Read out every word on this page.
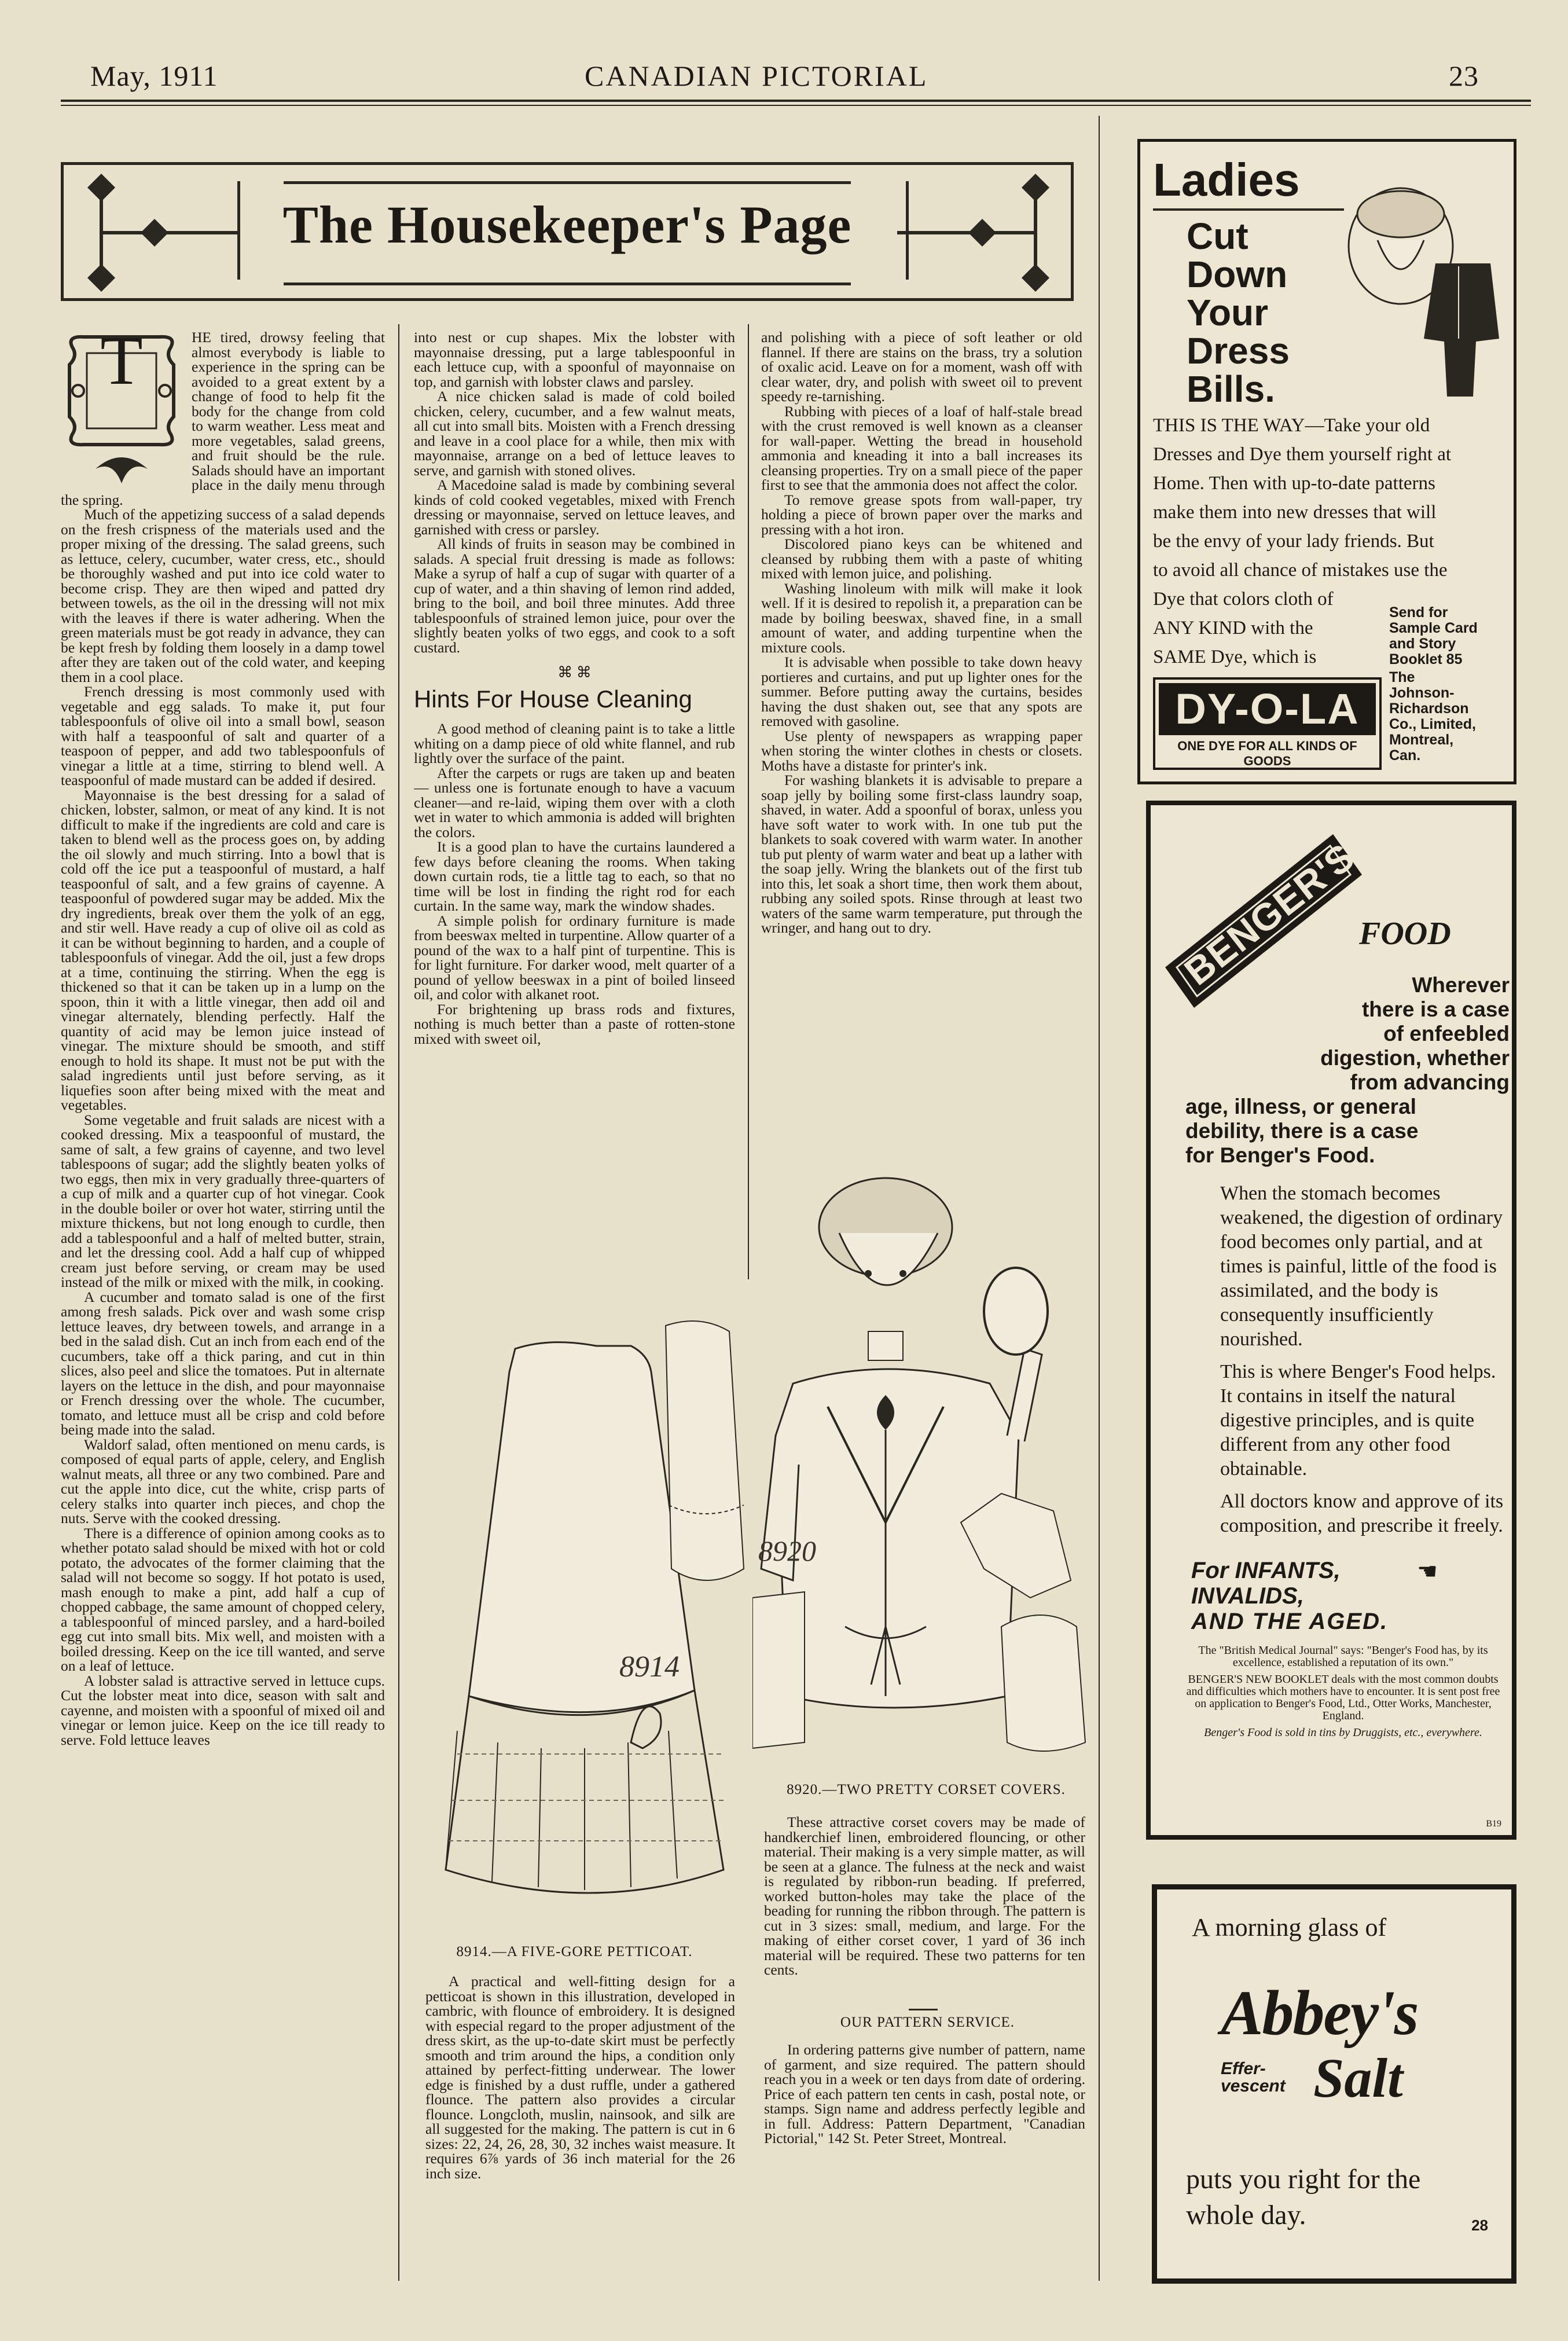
May, 1911	CANADIAN PICTORIAL	23
The Housekeeper's Page
T	HE tired, drowsy feeling that almost everybody is liable to experience in the spring can be avoided to a great extent by a change of food to help fit the body for the change from cold to warm weather. Less meat and more vegetables, salad greens, and fruit should be the rule. Salads should have an important place in the daily menu through the spring.

Much of the appetizing success of a salad depends on the fresh crispness of the materials used and the proper mixing of the dressing. The salad greens, such as lettuce, celery, cucumber, water cress, etc., should be thoroughly washed and put into ice cold water to become crisp. They are then wiped and patted dry between towels, as the oil in the dressing will not mix with the leaves if there is water adhering. When the green materials must be got ready in advance, they can be kept fresh by folding them loosely in a damp towel after they are taken out of the cold water, and keeping them in a cool place.

French dressing is most commonly used with vegetable and egg salads. To make it, put four tablespoonfuls of olive oil into a small bowl, season with half a teaspoonful of salt and quarter of a teaspoon of pepper, and add two tablespoonfuls of vinegar a little at a time, stirring to blend well. A teaspoonful of made mustard can be added if desired.

Mayonnaise is the best dressing for a salad of chicken, lobster, salmon, or meat of any kind. It is not difficult to make if the ingredients are cold and care is taken to blend well as the process goes on, by adding the oil slowly and much stirring. Into a bowl that is cold off the ice put a teaspoonful of mustard, a half teaspoonful of salt, and a few grains of cayenne. A teaspoonful of powdered sugar may be added. Mix the dry ingredients, break over them the yolk of an egg, and stir well. Have ready a cup of olive oil as cold as it can be without beginning to harden, and a couple of tablespoonfuls of vinegar. Add the oil, just a few drops at a time, continuing the stirring. When the egg is thickened so that it can be taken up in a lump on the spoon, thin it with a little vinegar, then add oil and vinegar alternately, blending perfectly. Half the quantity of acid may be lemon juice instead of vinegar. The mixture should be smooth, and stiff enough to hold its shape. It must not be put with the salad ingredients until just before serving, as it liquefies soon after being mixed with the meat and vegetables.

Some vegetable and fruit salads are nicest with a cooked dressing. Mix a teaspoonful of mustard, the same of salt, a few grains of cayenne, and two level tablespoons of sugar; add the slightly beaten yolks of two eggs, then mix in very gradually three-quarters of a cup of milk and a quarter cup of hot vinegar. Cook in the double boiler or over hot water, stirring until the mixture thickens, but not long enough to curdle, then add a tablespoonful and a half of melted butter, strain, and let the dressing cool. Add a half cup of whipped cream just before serving, or cream may be used instead of the milk or mixed with the milk, in cooking.

A cucumber and tomato salad is one of the first among fresh salads. Pick over and wash some crisp lettuce leaves, dry between towels, and arrange in a bed in the salad dish. Cut an inch from each end of the cucumbers, take off a thick paring, and cut in thin slices, also peel and slice the tomatoes. Put in alternate layers on the lettuce in the dish, and pour mayonnaise or French dressing over the whole. The cucumber, tomato, and lettuce must all be crisp and cold before being made into the salad.

Waldorf salad, often mentioned on menu cards, is composed of equal parts of apple, celery, and English walnut meats, all three or any two combined. Pare and cut the apple into dice, cut the white, crisp parts of celery stalks into quarter inch pieces, and chop the nuts. Serve with the cooked dressing.

There is a difference of opinion among cooks as to whether potato salad should be mixed with hot or cold potato, the advocates of the former claiming that the salad will not become so soggy. If hot potato is used, mash enough to make a pint, add half a cup of chopped cabbage, the same amount of chopped celery, a tablespoonful of minced parsley, and a hard-boiled egg cut into small bits. Mix well, and moisten with a boiled dressing. Keep on the ice till wanted, and serve on a leaf of lettuce.

A lobster salad is attractive served in lettuce cups. Cut the lobster meat into dice, season with salt and cayenne, and moisten with a spoonful of mixed oil and vinegar or lemon juice. Keep on the ice till ready to serve. Fold lettuce leaves

into nest or cup shapes. Mix the lobster with mayonnaise dressing, put a large tablespoonful in each lettuce cup, with a spoonful of mayonnaise on top, and garnish with lobster claws and parsley.

A nice chicken salad is made of cold boiled chicken, celery, cucumber, and a few walnut meats, all cut into small bits. Moisten with a French dressing and leave in a cool place for a while, then mix with mayonnaise, arrange on a bed of lettuce leaves to serve, and garnish with stoned olives.

A Macedoine salad is made by combining several kinds of cold cooked vegetables, mixed with French dressing or mayonnaise, served on lettuce leaves, and garnished with cress or parsley.

All kinds of fruits in season may be combined in salads. A special fruit dressing is made as follows: Make a syrup of half a cup of sugar with quarter of a cup of water, and a thin shaving of lemon rind added, bring to the boil, and boil three minutes. Add three tablespoonfuls of strained lemon juice, pour over the slightly beaten yolks of two eggs, and cook to a soft custard.

⌘ ⌘
Hints For House Cleaning

A good method of cleaning paint is to take a little whiting on a damp piece of old white flannel, and rub lightly over the surface of the paint.

After the carpets or rugs are taken up and beaten — unless one is fortunate enough to have a vacuum cleaner—and re-laid, wiping them over with a cloth wet in water to which ammonia is added will brighten the colors.

It is a good plan to have the curtains laundered a few days before cleaning the rooms. When taking down curtain rods, tie a little tag to each, so that no time will be lost in finding the right rod for each curtain. In the same way, mark the window shades.

A simple polish for ordinary furniture is made from beeswax melted in turpentine. Allow quarter of a pound of the wax to a half pint of turpentine. This is for light furniture. For darker wood, melt quarter of a pound of yellow beeswax in a pint of boiled linseed oil, and color with alkanet root.

For brightening up brass rods and fixtures, nothing is much better than a paste of rotten-stone mixed with sweet oil,

and polishing with a piece of soft leather or old flannel. If there are stains on the brass, try a solution of oxalic acid. Leave on for a moment, wash off with clear water, dry, and polish with sweet oil to prevent speedy re-tarnishing.

Rubbing with pieces of a loaf of half-stale bread with the crust removed is well known as a cleanser for wall-paper. Wetting the bread in household ammonia and kneading it into a ball increases its cleansing properties. Try on a small piece of the paper first to see that the ammonia does not affect the color.

To remove grease spots from wall-paper, try holding a piece of brown paper over the marks and pressing with a hot iron.

Discolored piano keys can be whitened and cleansed by rubbing them with a paste of whiting mixed with lemon juice, and polishing.

Washing linoleum with milk will make it look well. If it is desired to repolish it, a preparation can be made by boiling beeswax, shaved fine, in a small amount of water, and adding turpentine when the mixture cools.

It is advisable when possible to take down heavy portieres and curtains, and put up lighter ones for the summer. Before putting away the curtains, besides having the dust shaken out, see that any spots are removed with gasoline.

Use plenty of newspapers as wrapping paper when storing the winter clothes in chests or closets. Moths have a distaste for printer's ink.

For washing blankets it is advisable to prepare a soap jelly by boiling some first-class laundry soap, shaved, in water. Add a spoonful of borax, unless you have soft water to work with. In one tub put the blankets to soak covered with warm water. In another tub put plenty of warm water and beat up a lather with the soap jelly. Wring the blankets out of the first tub into this, let soak a short time, then work them about, rubbing any soiled spots. Rinse through at least two waters of the same warm temperature, put through the wringer, and hang out to dry.

8914
8914.—A FIVE-GORE PETTICOAT.

A practical and well-fitting design for a petticoat is shown in this illustration, developed in cambric, with flounce of embroidery. It is designed with especial regard to the proper adjustment of the dress skirt, as the up-to-date skirt must be perfectly smooth and trim around the hips, a condition only attained by perfect-fitting underwear. The lower edge is finished by a dust ruffle, under a gathered flounce. The pattern also provides a circular flounce. Longcloth, muslin, nainsook, and silk are all suggested for the making. The pattern is cut in 6 sizes: 22, 24, 26, 28, 30, 32 inches waist measure. It requires 6⅞ yards of 36 inch material for the 26 inch size.

8920
8920.—TWO PRETTY CORSET COVERS.

These attractive corset covers may be made of handkerchief linen, embroidered flouncing, or other material. Their making is a very simple matter, as will be seen at a glance. The fulness at the neck and waist is regulated by ribbon-run beading. If preferred, worked button-holes may take the place of the beading for running the ribbon through. The pattern is cut in 3 sizes: small, medium, and large. For the making of either corset cover, 1 yard of 36 inch material will be required. These two patterns for ten cents.

OUR PATTERN SERVICE.

In ordering patterns give number of pattern, name of garment, and size required. The pattern should reach you in a week or ten days from date of ordering. Price of each pattern ten cents in cash, postal note, or stamps. Sign name and address perfectly legible and in full. Address: Pattern Department, "Canadian Pictorial," 142 St. Peter Street, Montreal.

Ladies
Cut
Down
Your
Dress
Bills.
THIS IS THE WAY—Take your old
Dresses and Dye them yourself right at
Home. Then with up-to-date patterns
make them into new dresses that will
be the envy of your lady friends. But
to avoid all chance of mistakes use the
Dye that colors cloth of
ANY KIND with the
SAME Dye, which is
Send for
Sample Card
and Story
Booklet 85
The
Johnson-
Richardson
Co., Limited,
Montreal,
Can.
DY-O-LA
ONE DYE FOR ALL KINDS OF GOODS
BENGER'S
FOOD
Wherever
there is a case
of enfeebled
digestion, whether
from advancing
age, illness, or general
debility, there is a case
for Benger's Food.

When the stomach becomes weakened, the digestion of ordinary food becomes only partial, and at times is painful, little of the food is assimilated, and the body is consequently insufficiently nourished.

This is where Benger's Food helps. It contains in itself the natural digestive principles, and is quite different from any other food obtainable.

All doctors know and approve of its composition, and prescribe it freely.

For INFANTS,
INVALIDS,
AND THE AGED.
☚

The "British Medical Journal" says: "Benger's Food has, by its excellence, established a reputation of its own."

BENGER'S NEW BOOKLET deals with the most common doubts and difficulties which mothers have to encounter. It is sent post free on application to Benger's Food, Ltd., Otter Works, Manchester, England.

Benger's Food is sold in tins by Druggists, etc., everywhere.

B19
A morning glass of
Abbey's
Effer-
vescent Salt
puts you right for the
whole day.	28
